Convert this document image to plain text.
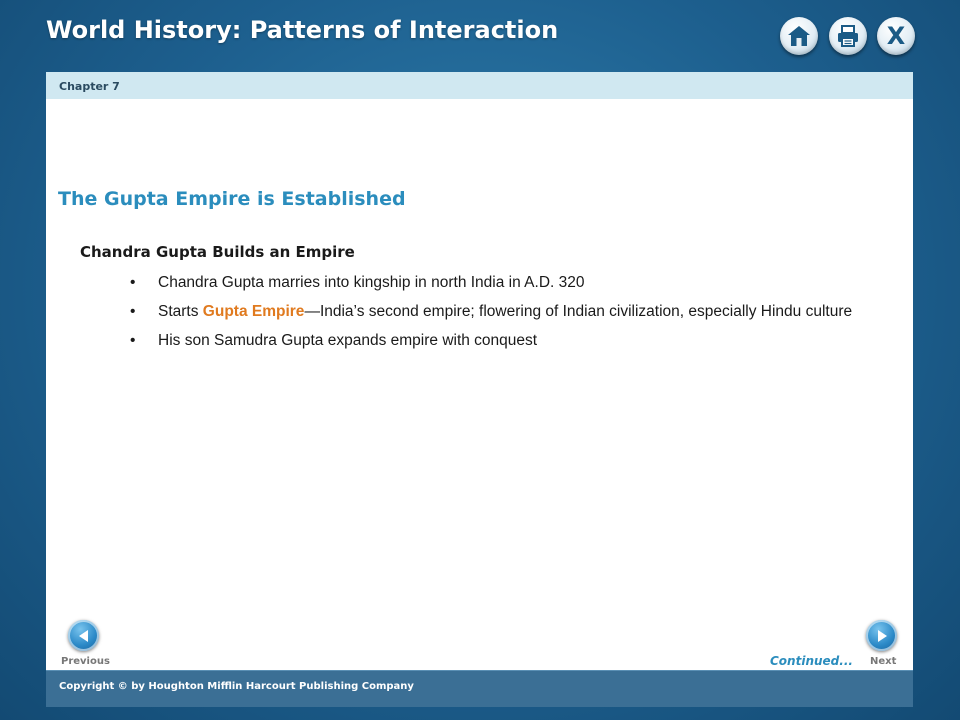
World History: Patterns of Interaction	X
Chapter 7
The Gupta Empire is Established
Chandra Gupta Builds an Empire
• Chandra Gupta marries into kingship in north India in A.D. 320
• Starts Gupta Empire—India’s second empire; flowering of Indian civilization, especially Hindu culture
• His son Samudra Gupta expands empire with conquest
Previous	Continued... Next
Copyright © by Houghton Mifflin Harcourt Publishing Company
